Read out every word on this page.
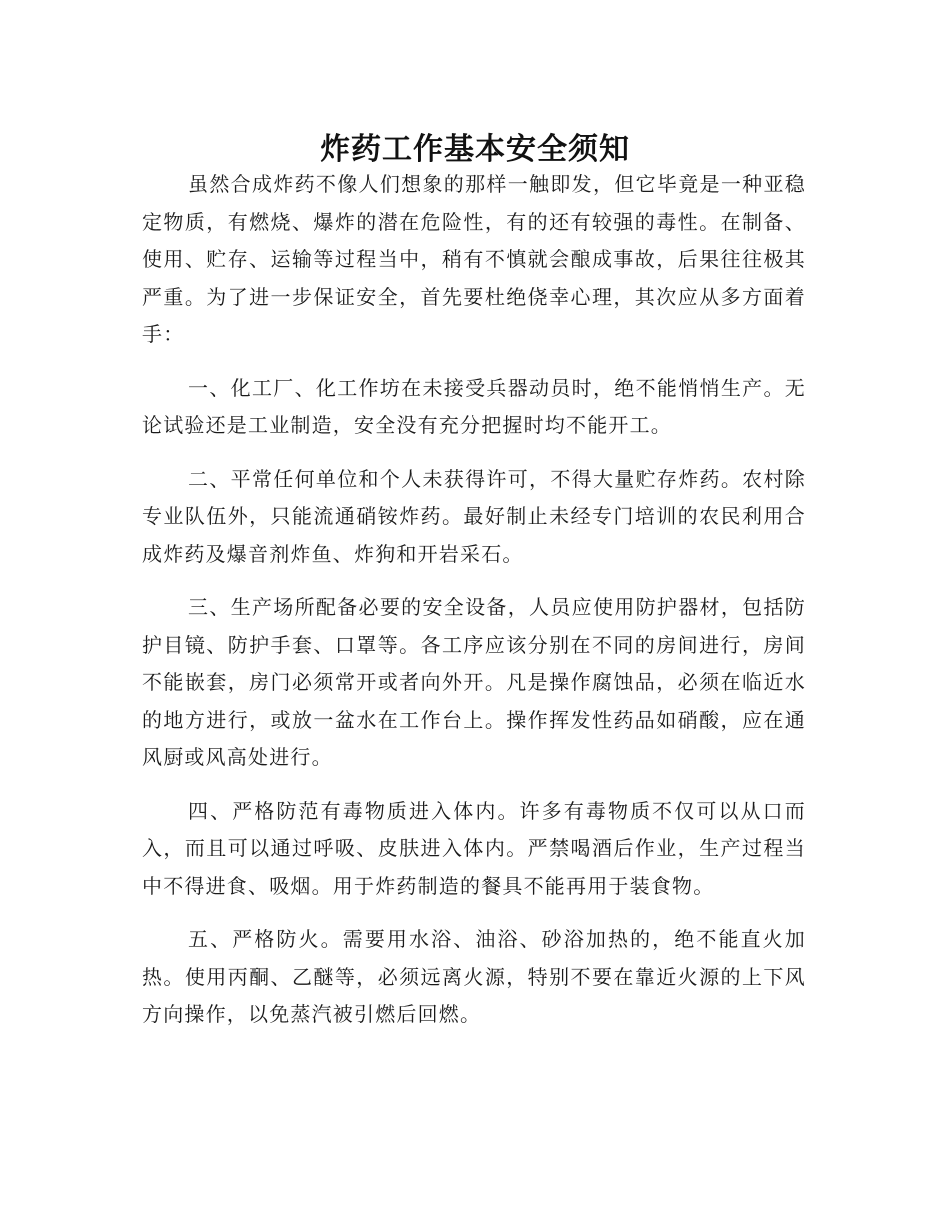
炸药工作基本安全须知

虽然合成炸药不像人们想象的那样一触即发，但它毕竟是一种亚稳定物质，有燃烧、爆炸的潜在危险性，有的还有较强的毒性。在制备、使用、贮存、运输等过程当中，稍有不慎就会酿成事故，后果往往极其严重。为了进一步保证安全，首先要杜绝侥幸心理，其次应从多方面着手：

一、化工厂、化工作坊在未接受兵器动员时，绝不能悄悄生产。无论试验还是工业制造，安全没有充分把握时均不能开工。

二、平常任何单位和个人未获得许可，不得大量贮存炸药。农村除专业队伍外，只能流通硝铵炸药。最好制止未经专门培训的农民利用合成炸药及爆音剂炸鱼、炸狗和开岩采石。

三、生产场所配备必要的安全设备，人员应使用防护器材，包括防护目镜、防护手套、口罩等。各工序应该分别在不同的房间进行，房间不能嵌套，房门必须常开或者向外开。凡是操作腐蚀品，必须在临近水的地方进行，或放一盆水在工作台上。操作挥发性药品如硝酸，应在通风厨或风高处进行。

四、严格防范有毒物质进入体内。许多有毒物质不仅可以从口而入，而且可以通过呼吸、皮肤进入体内。严禁喝酒后作业，生产过程当中不得进食、吸烟。用于炸药制造的餐具不能再用于装食物。

五、严格防火。需要用水浴、油浴、砂浴加热的，绝不能直火加热。使用丙酮、乙醚等，必须远离火源，特别不要在靠近火源的上下风方向操作，以免蒸汽被引燃后回燃。
